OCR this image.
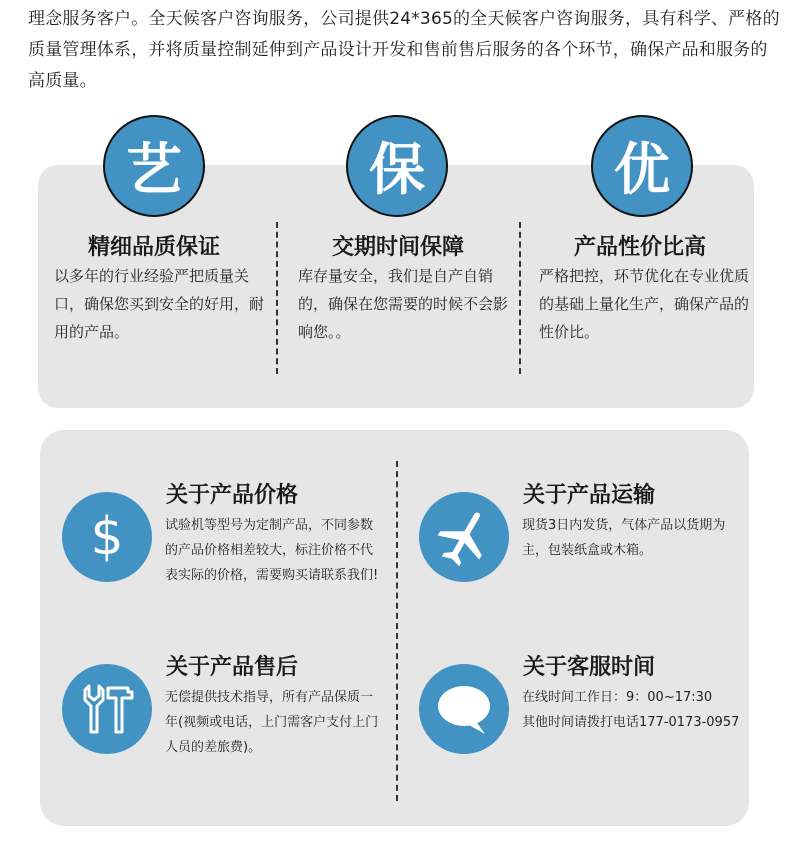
理念服务客户。全天候客户咨询服务，公司提供24*365的全天候客户咨询服务，具有科学、严格的质量管理体系，并将质量控制延伸到产品设计开发和售前售后服务的各个环节，确保产品和服务的高质量。
艺	保	优
精细品质保证
以多年的行业经验严把质量关口，确保您买到安全的好用，耐用的产品。
交期时间保障
库存量安全，我们是自产自销的，确保在您需要的时候不会影响您。。
产品性价比高
严格把控，环节优化在专业优质的基础上量化生产，确保产品的性价比。
$
关于产品价格
试验机等型号为定制产品，不同参数的产品价格相差较大，标注价格不代表实际的价格，需要购买请联系我们!
关于产品运输
现货3日内发货，气体产品以货期为主，包装纸盒或木箱。
关于产品售后
无偿提供技术指导，所有产品保质一年(视频或电话，上门需客户支付上门人员的差旅费)。
关于客服时间
在线时间工作日：9：00~17:30
其他时间请拨打电话177-0173-0957
